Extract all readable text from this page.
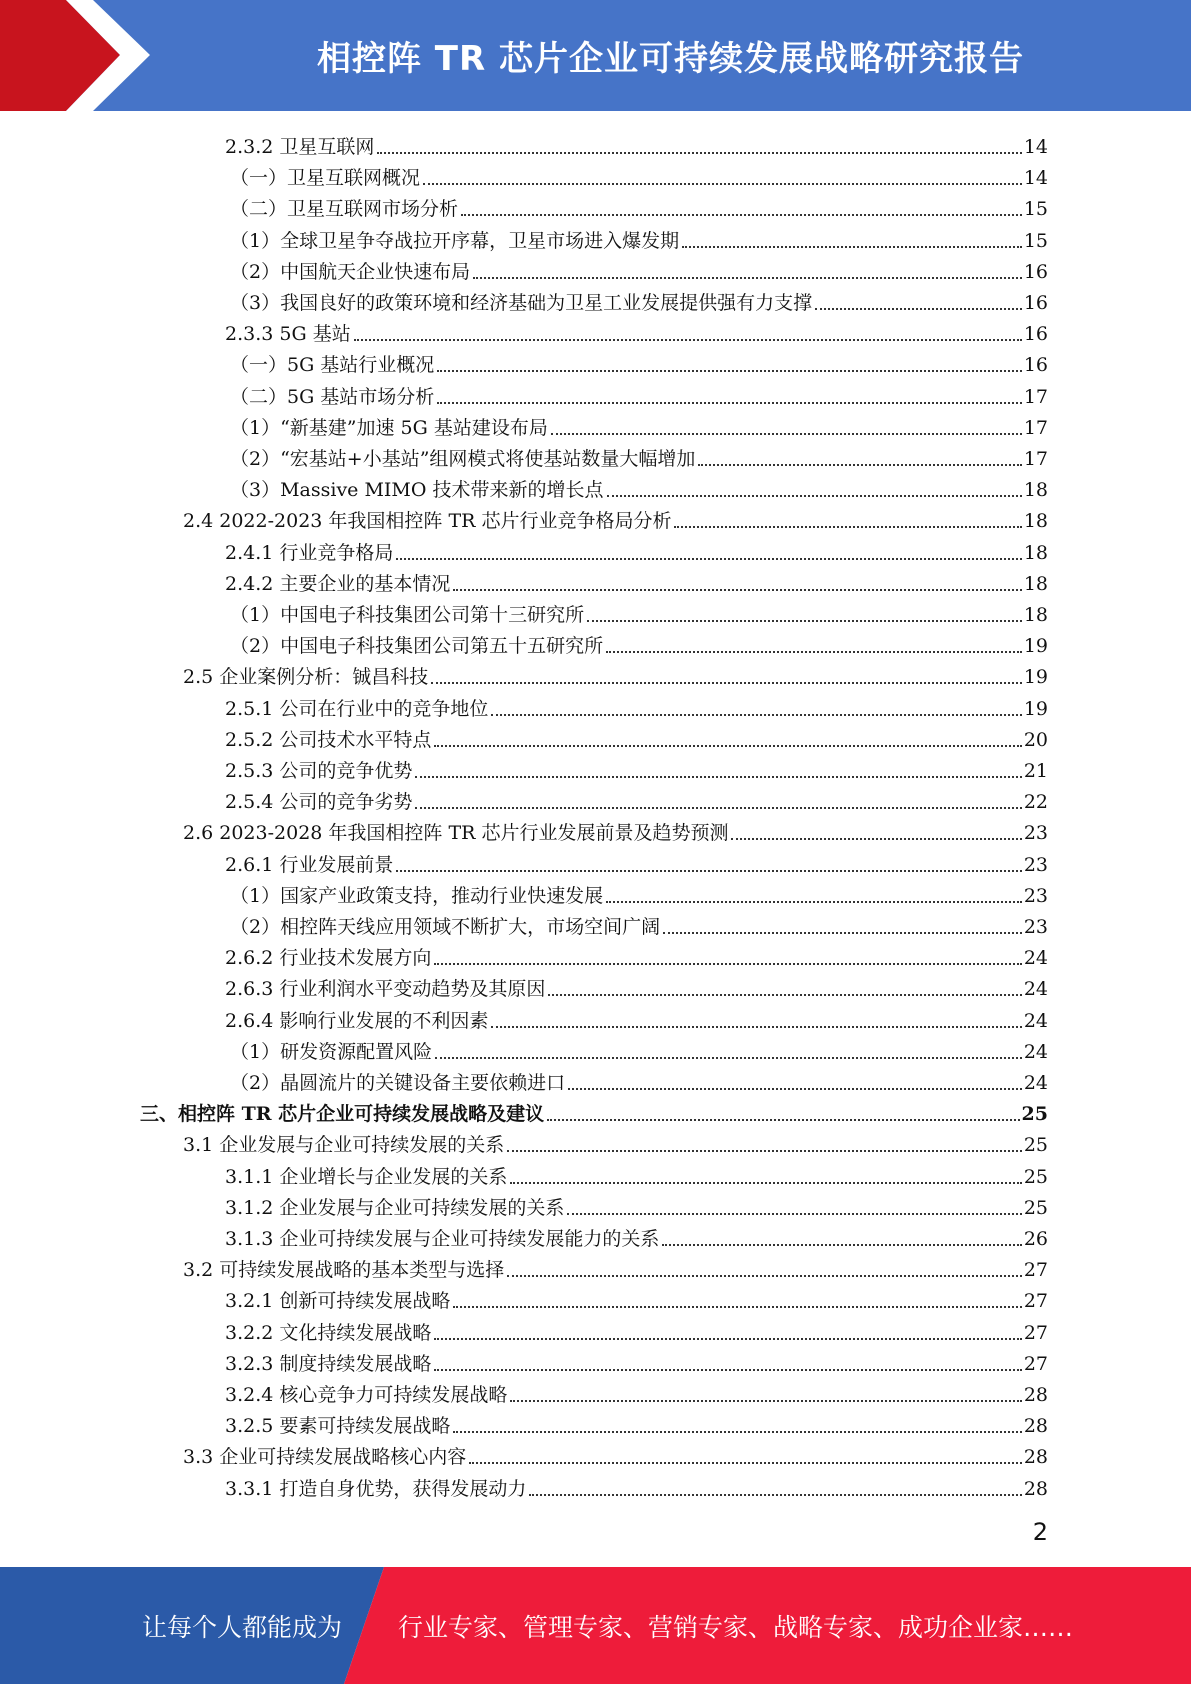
相控阵 TR 芯片企业可持续发展战略研究报告
2.3.2 卫星互联网	14
（一）卫星互联网概况	14
（二）卫星互联网市场分析	15
（1）全球卫星争夺战拉开序幕，卫星市场进入爆发期	15
（2）中国航天企业快速布局	16
（3）我国良好的政策环境和经济基础为卫星工业发展提供强有力支撑	16
2.3.3 5G 基站	16
（一）5G 基站行业概况	16
（二）5G 基站市场分析	17
（1）“新基建”加速 5G 基站建设布局	17
（2）“宏基站+小基站”组网模式将使基站数量大幅增加	17
（3）Massive MIMO 技术带来新的增长点	18
2.4 2022-2023 年我国相控阵 TR 芯片行业竞争格局分析	18
2.4.1 行业竞争格局	18
2.4.2 主要企业的基本情况	18
（1）中国电子科技集团公司第十三研究所	18
（2）中国电子科技集团公司第五十五研究所	19
2.5 企业案例分析：铖昌科技	19
2.5.1 公司在行业中的竞争地位	19
2.5.2 公司技术水平特点	20
2.5.3 公司的竞争优势	21
2.5.4 公司的竞争劣势	22
2.6 2023-2028 年我国相控阵 TR 芯片行业发展前景及趋势预测	23
2.6.1 行业发展前景	23
（1）国家产业政策支持，推动行业快速发展	23
（2）相控阵天线应用领域不断扩大，市场空间广阔	23
2.6.2 行业技术发展方向	24
2.6.3 行业利润水平变动趋势及其原因	24
2.6.4 影响行业发展的不利因素	24
（1）研发资源配置风险	24
（2）晶圆流片的关键设备主要依赖进口	24
三、相控阵 TR 芯片企业可持续发展战略及建议	25
3.1 企业发展与企业可持续发展的关系	25
3.1.1 企业增长与企业发展的关系	25
3.1.2 企业发展与企业可持续发展的关系	25
3.1.3 企业可持续发展与企业可持续发展能力的关系	26
3.2 可持续发展战略的基本类型与选择	27
3.2.1 创新可持续发展战略	27
3.2.2 文化持续发展战略	27
3.2.3 制度持续发展战略	27
3.2.4 核心竞争力可持续发展战略	28
3.2.5 要素可持续发展战略	28
3.3 企业可持续发展战略核心内容	28
3.3.1 打造自身优势，获得发展动力	28
2
让每个人都能成为 行业专家、管理专家、营销专家、战略专家、成功企业家……
